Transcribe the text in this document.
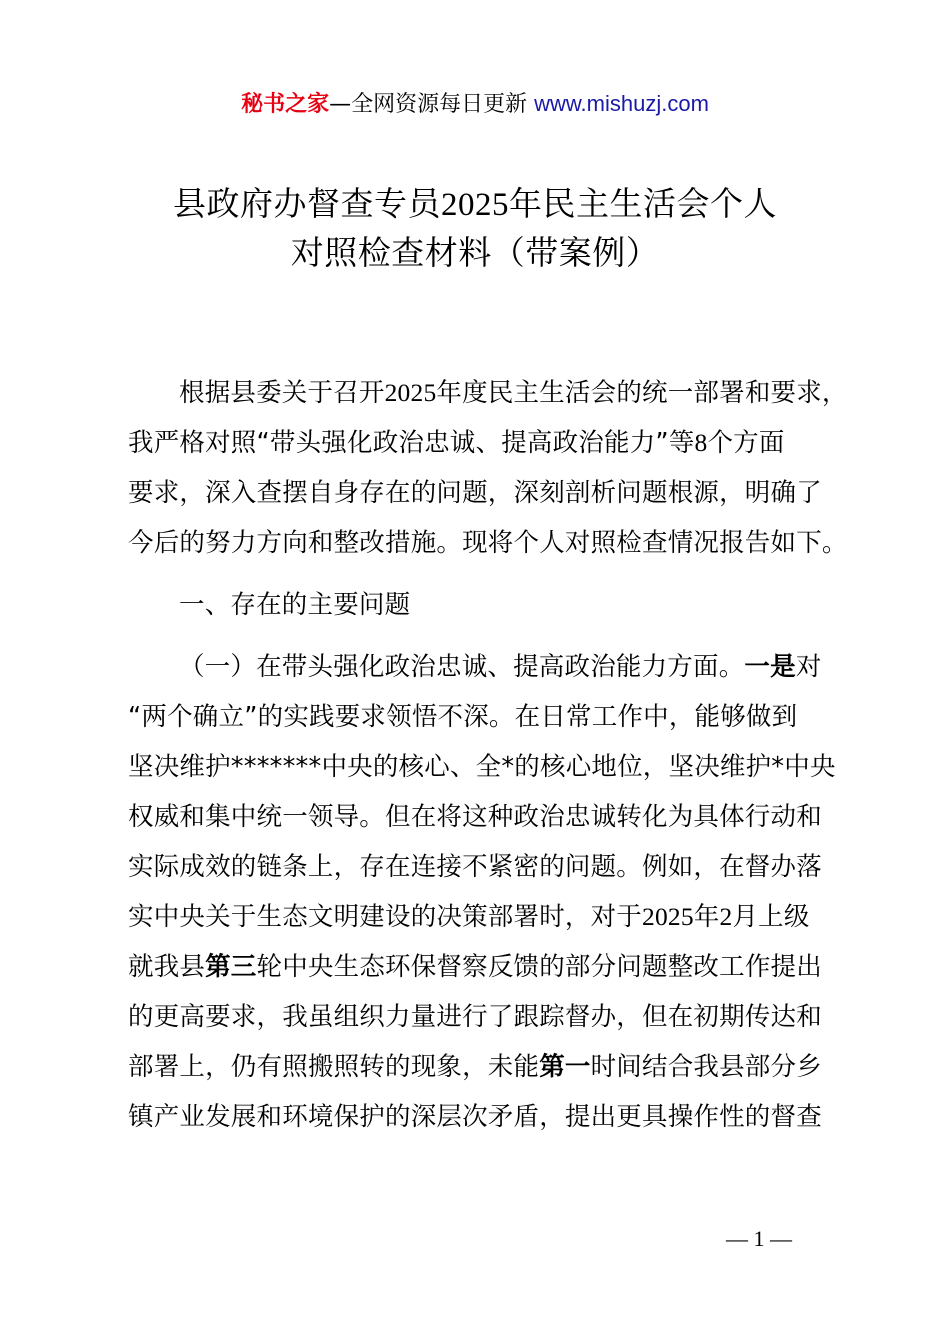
秘书之家—全网资源每日更新 www.mishuzj.com
县政府办督查专员2025年民主生活会个人
对照检查材料（带案例）
根据县委关于召开2025年度民主生活会的统一部署和要求，
我严格对照“带头强化政治忠诚、提高政治能力”等8个方面
要求，深入查摆自身存在的问题，深刻剖析问题根源，明确了
今后的努力方向和整改措施。现将个人对照检查情况报告如下。
一、存在的主要问题
（一）在带头强化政治忠诚、提高政治能力方面。一是对
“两个确立”的实践要求领悟不深。在日常工作中，能够做到
坚决维护*******中央的核心、全*的核心地位，坚决维护*中央
权威和集中统一领导。但在将这种政治忠诚转化为具体行动和
实际成效的链条上，存在连接不紧密的问题。例如，在督办落
实中央关于生态文明建设的决策部署时，对于2025年2月上级
就我县第三轮中央生态环保督察反馈的部分问题整改工作提出
的更高要求，我虽组织力量进行了跟踪督办，但在初期传达和
部署上，仍有照搬照转的现象，未能第一时间结合我县部分乡
镇产业发展和环境保护的深层次矛盾，提出更具操作性的督查
— 1 —
